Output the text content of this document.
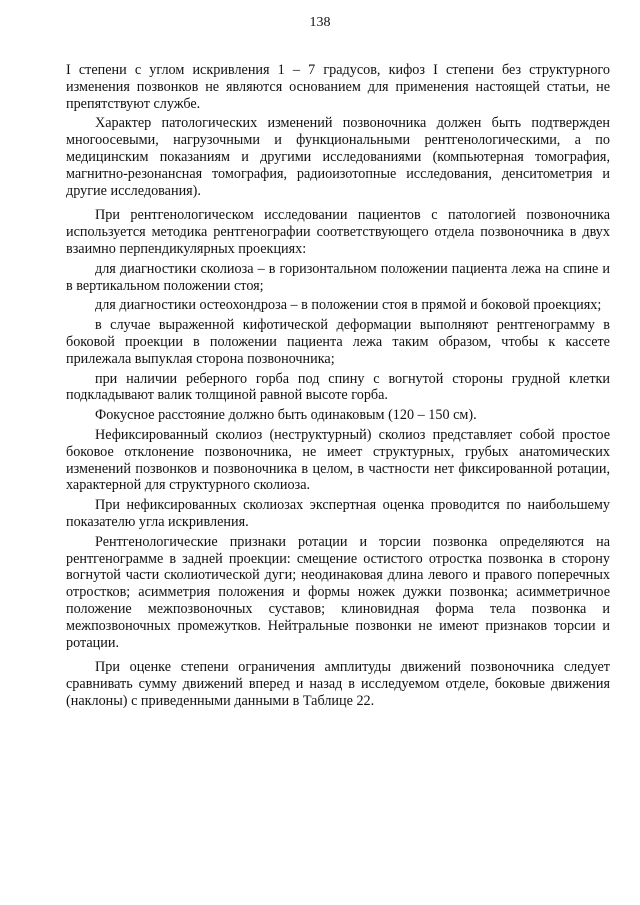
138

I степени с углом искривления 1 – 7 градусов, кифоз I степени без структурного изменения позвонков не являются основанием для применения настоящей статьи, не препятствуют службе.

Характер патологических изменений позвоночника должен быть подтвержден многоосевыми, нагрузочными и функциональными рентгенологическими, а по медицинским показаниям и другими исследованиями (компьютерная томография, магнитно-резонансная томография, радиоизотопные исследования, денситометрия и другие исследования).

При рентгенологическом исследовании пациентов с патологией позвоночника используется методика рентгенографии соответствующего отдела позвоночника в двух взаимно перпендикулярных проекциях:

для диагностики сколиоза – в горизонтальном положении пациента лежа на спине и в вертикальном положении стоя;

для диагностики остеохондроза – в положении стоя в прямой и боковой проекциях;

в случае выраженной кифотической деформации выполняют рентгенограмму в боковой проекции в положении пациента лежа таким образом, чтобы к кассете прилежала выпуклая сторона позвоночника;

при наличии реберного горба под спину с вогнутой стороны грудной клетки подкладывают валик толщиной равной высоте горба.

Фокусное расстояние должно быть одинаковым (120 – 150 см).

Нефиксированный сколиоз (неструктурный) сколиоз представляет собой простое боковое отклонение позвоночника, не имеет структурных, грубых анатомических изменений позвонков и позвоночника в целом, в частности нет фиксированной ротации, характерной для структурного сколиоза.

При нефиксированных сколиозах экспертная оценка проводится по наибольшему показателю угла искривления.

Рентгенологические признаки ротации и торсии позвонка определяются на рентгенограмме в задней проекции: смещение остистого отростка позвонка в сторону вогнутой части сколиотической дуги; неодинаковая длина левого и правого поперечных отростков; асимметрия положения и формы ножек дужки позвонка; асимметричное положение межпозвоночных суставов; клиновидная форма тела позвонка и межпозвоночных промежутков. Нейтральные позвонки не имеют признаков торсии и ротации.

При оценке степени ограничения амплитуды движений позвоночника следует сравнивать сумму движений вперед и назад в исследуемом отделе, боковые движения (наклоны) с приведенными данными в Таблице 22.
